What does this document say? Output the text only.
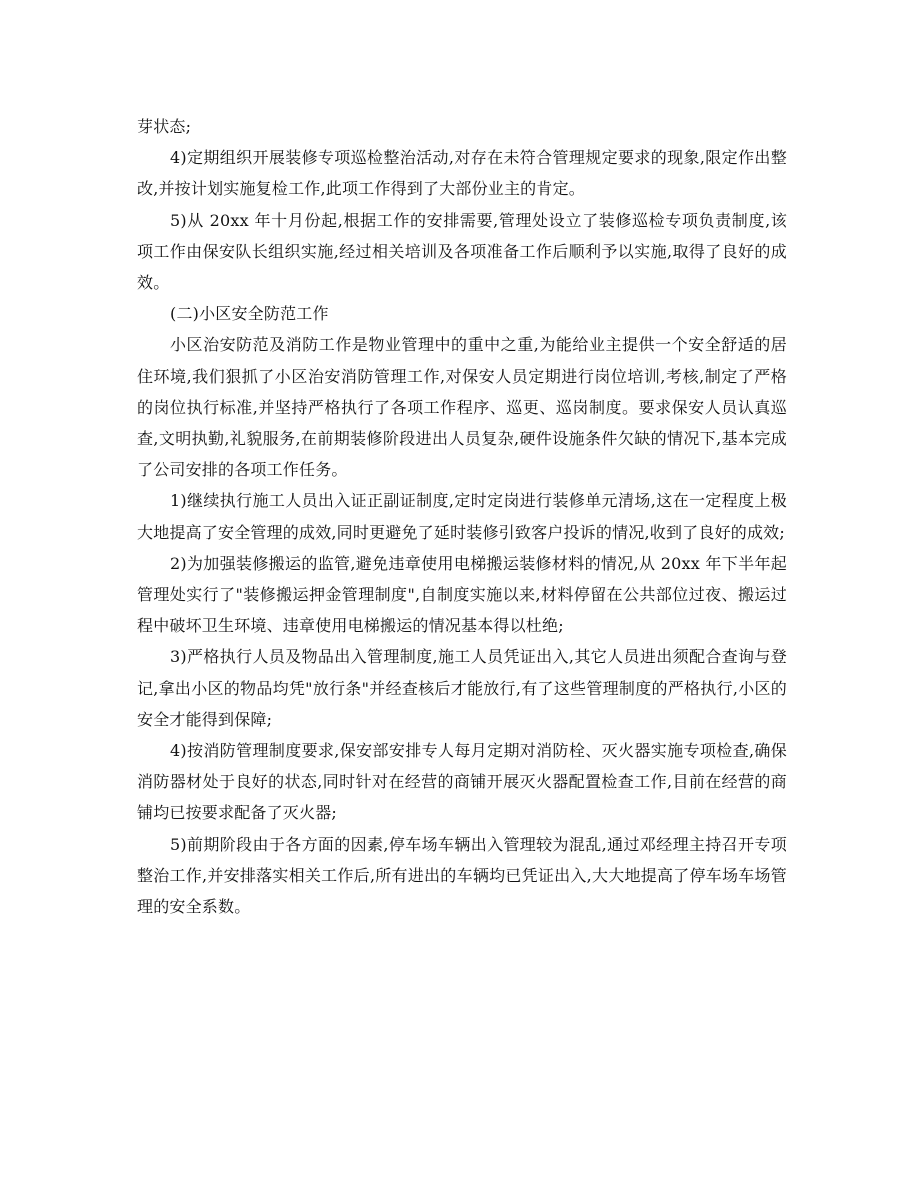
芽状态;

4)定期组织开展装修专项巡检整治活动,对存在未符合管理规定要求的现象,限定作出整改,并按计划实施复检工作,此项工作得到了大部份业主的肯定。

5)从 20xx 年十月份起,根据工作的安排需要,管理处设立了装修巡检专项负责制度,该项工作由保安队长组织实施,经过相关培训及各项准备工作后顺利予以实施,取得了良好的成效。

(二)小区安全防范工作

小区治安防范及消防工作是物业管理中的重中之重,为能给业主提供一个安全舒适的居住环境,我们狠抓了小区治安消防管理工作,对保安人员定期进行岗位培训,考核,制定了严格的岗位执行标准,并坚持严格执行了各项工作程序、巡更、巡岗制度。要求保安人员认真巡查,文明执勤,礼貌服务,在前期装修阶段进出人员复杂,硬件设施条件欠缺的情况下,基本完成了公司安排的各项工作任务。

1)继续执行施工人员出入证正副证制度,定时定岗进行装修单元清场,这在一定程度上极大地提高了安全管理的成效,同时更避免了延时装修引致客户投诉的情况,收到了良好的成效;

2)为加强装修搬运的监管,避免违章使用电梯搬运装修材料的情况,从 20xx 年下半年起管理处实行了"装修搬运押金管理制度",自制度实施以来,材料停留在公共部位过夜、搬运过程中破坏卫生环境、违章使用电梯搬运的情况基本得以杜绝;

3)严格执行人员及物品出入管理制度,施工人员凭证出入,其它人员进出须配合查询与登记,拿出小区的物品均凭"放行条"并经查核后才能放行,有了这些管理制度的严格执行,小区的安全才能得到保障;

4)按消防管理制度要求,保安部安排专人每月定期对消防栓、灭火器实施专项检查,确保消防器材处于良好的状态,同时针对在经营的商铺开展灭火器配置检查工作,目前在经营的商铺均已按要求配备了灭火器;

5)前期阶段由于各方面的因素,停车场车辆出入管理较为混乱,通过邓经理主持召开专项整治工作,并安排落实相关工作后,所有进出的车辆均已凭证出入,大大地提高了停车场车场管理的安全系数。
